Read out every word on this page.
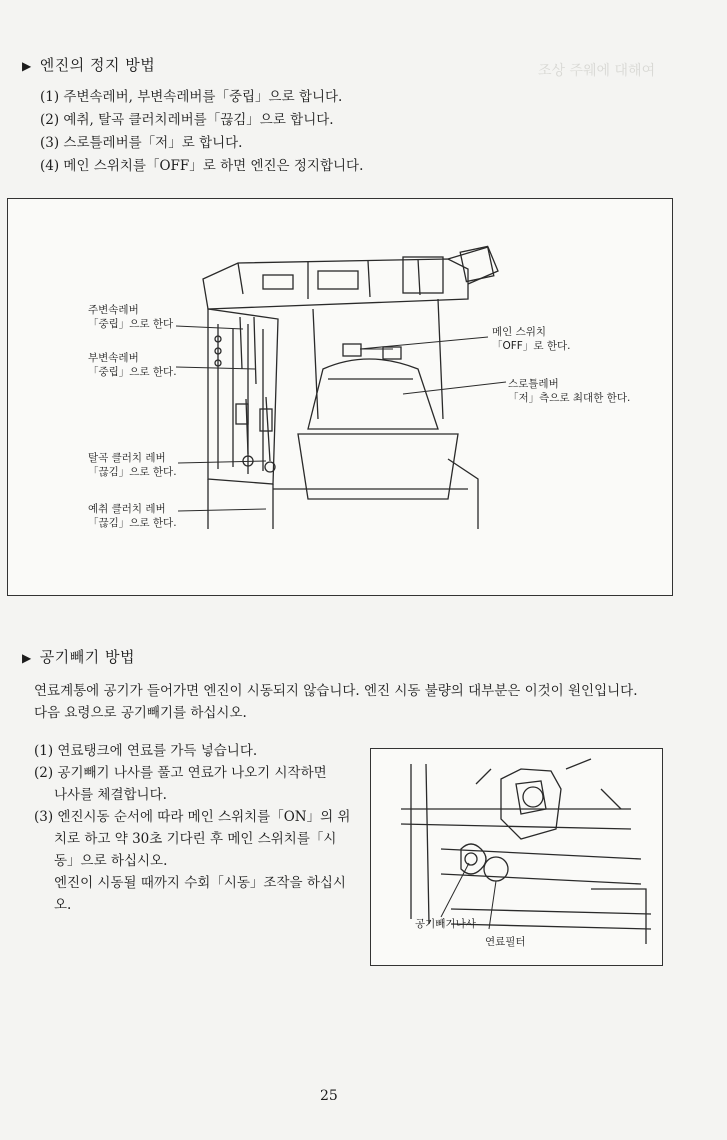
조상 주웨에 대해여
▶ 엔진의 정지 방법
(1) 주변속레버, 부변속레버를「중립」으로 합니다.
(2) 예취, 탈곡 클러치레버를「끊김」으로 합니다.
(3) 스로틀레버를「저」로 합니다.
(4) 메인 스위치를「OFF」로 하면 엔진은 정지합니다.
주변속레버
「중립」으로 한다
부변속레버
「중립」으로 한다.
탈곡 클러치 레버
「끊김」으로 한다.
예취 클러치 레버
「끊김」으로 한다.
메인 스위치
「OFF」로 한다.
스로틀레버
「저」측으로 최대한 한다.
▶ 공기빼기 방법
연료계통에 공기가 들어가면 엔진이 시동되지 않습니다. 엔진 시동 불량의 대부분은 이것이 원인입니다.
다음 요령으로 공기빼기를 하십시오.
(1) 연료탱크에 연료를 가득 넣습니다.
(2) 공기빼기 나사를 풀고 연료가 나오기 시작하면
나사를 체결합니다.
(3) 엔진시동 순서에 따라 메인 스위치를「ON」의 위
치로 하고 약 30초 기다린 후 메인 스위치를「시
동」으로 하십시오.
엔진이 시동될 때까지 수회「시동」조작을 하십시
오.
공기빼기나사
연료필터
25
